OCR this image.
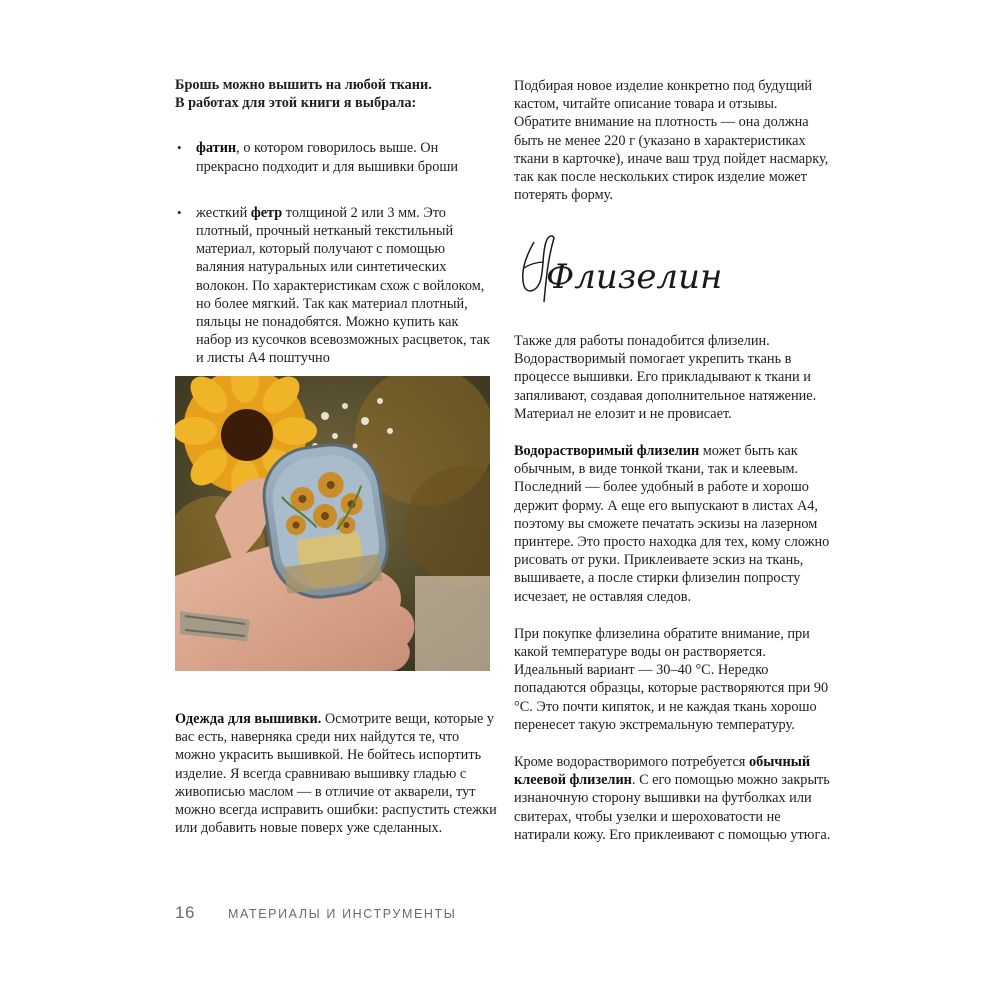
Брошь можно вышить на любой ткани.

В работах для этой книги я выбрала:

• фатин, о котором говорилось выше. Он прекрасно подходит и для вышивки броши
• жесткий фетр толщиной 2 или 3 мм. Это плотный, прочный нетканый текстильный материал, который получают с помощью валяния натуральных или синтетических волокон. По характеристикам схож с войлоком, но более мягкий. Так как материал плотный, пяльцы не понадобятся. Можно купить как набор из кусочков всевозможных расцветок, так и листы А4 поштучно

Одежда для вышивки. Осмотрите вещи, которые у вас есть, наверняка среди них найдутся те, что можно украсить вышивкой. Не бойтесь испортить изделие. Я всегда сравниваю вышивку гладью с живописью маслом — в отличие от акварели, тут можно всегда исправить ошибки: распустить стежки или добавить новые поверх уже сделанных.

Подбирая новое изделие конкретно под будущий кастом, читайте описание товара и отзывы. Обратите внимание на плотность — она должна быть не менее 220 г (указано в характеристиках ткани в карточке), иначе ваш труд пойдет насмарку, так как после нескольких стирок изделие может потерять форму.

Флизелин

Также для работы понадобится флизелин. Водорастворимый помогает укрепить ткань в процессе вышивки. Его прикладывают к ткани и запяливают, создавая дополнительное натяжение. Материал не елозит и не провисает.

Водорастворимый флизелин может быть как обычным, в виде тонкой ткани, так и клеевым. Последний — более удобный в работе и хорошо держит форму. А еще его выпускают в листах А4, поэтому вы сможете печатать эскизы на лазерном принтере. Это просто находка для тех, кому сложно рисовать от руки. Приклеиваете эскиз на ткань, вышиваете, а после стирки флизелин попросту исчезает, не оставляя следов.

При покупке флизелина обратите внимание, при какой температуре воды он растворяется. Идеальный вариант — 30–40 °С. Нередко попадаются образцы, которые растворяются при 90 °С. Это почти кипяток, и не каждая ткань хорошо перенесет такую экстремальную температуру.

Кроме водорастворимого потребуется обычный клеевой флизелин. С его помощью можно закрыть изнаночную сторону вышивки на футболках или свитерах, чтобы узелки и шероховатости не натирали кожу. Его приклеивают с помощью утюга.

16	МАТЕРИАЛЫ И ИНСТРУМЕНТЫ
